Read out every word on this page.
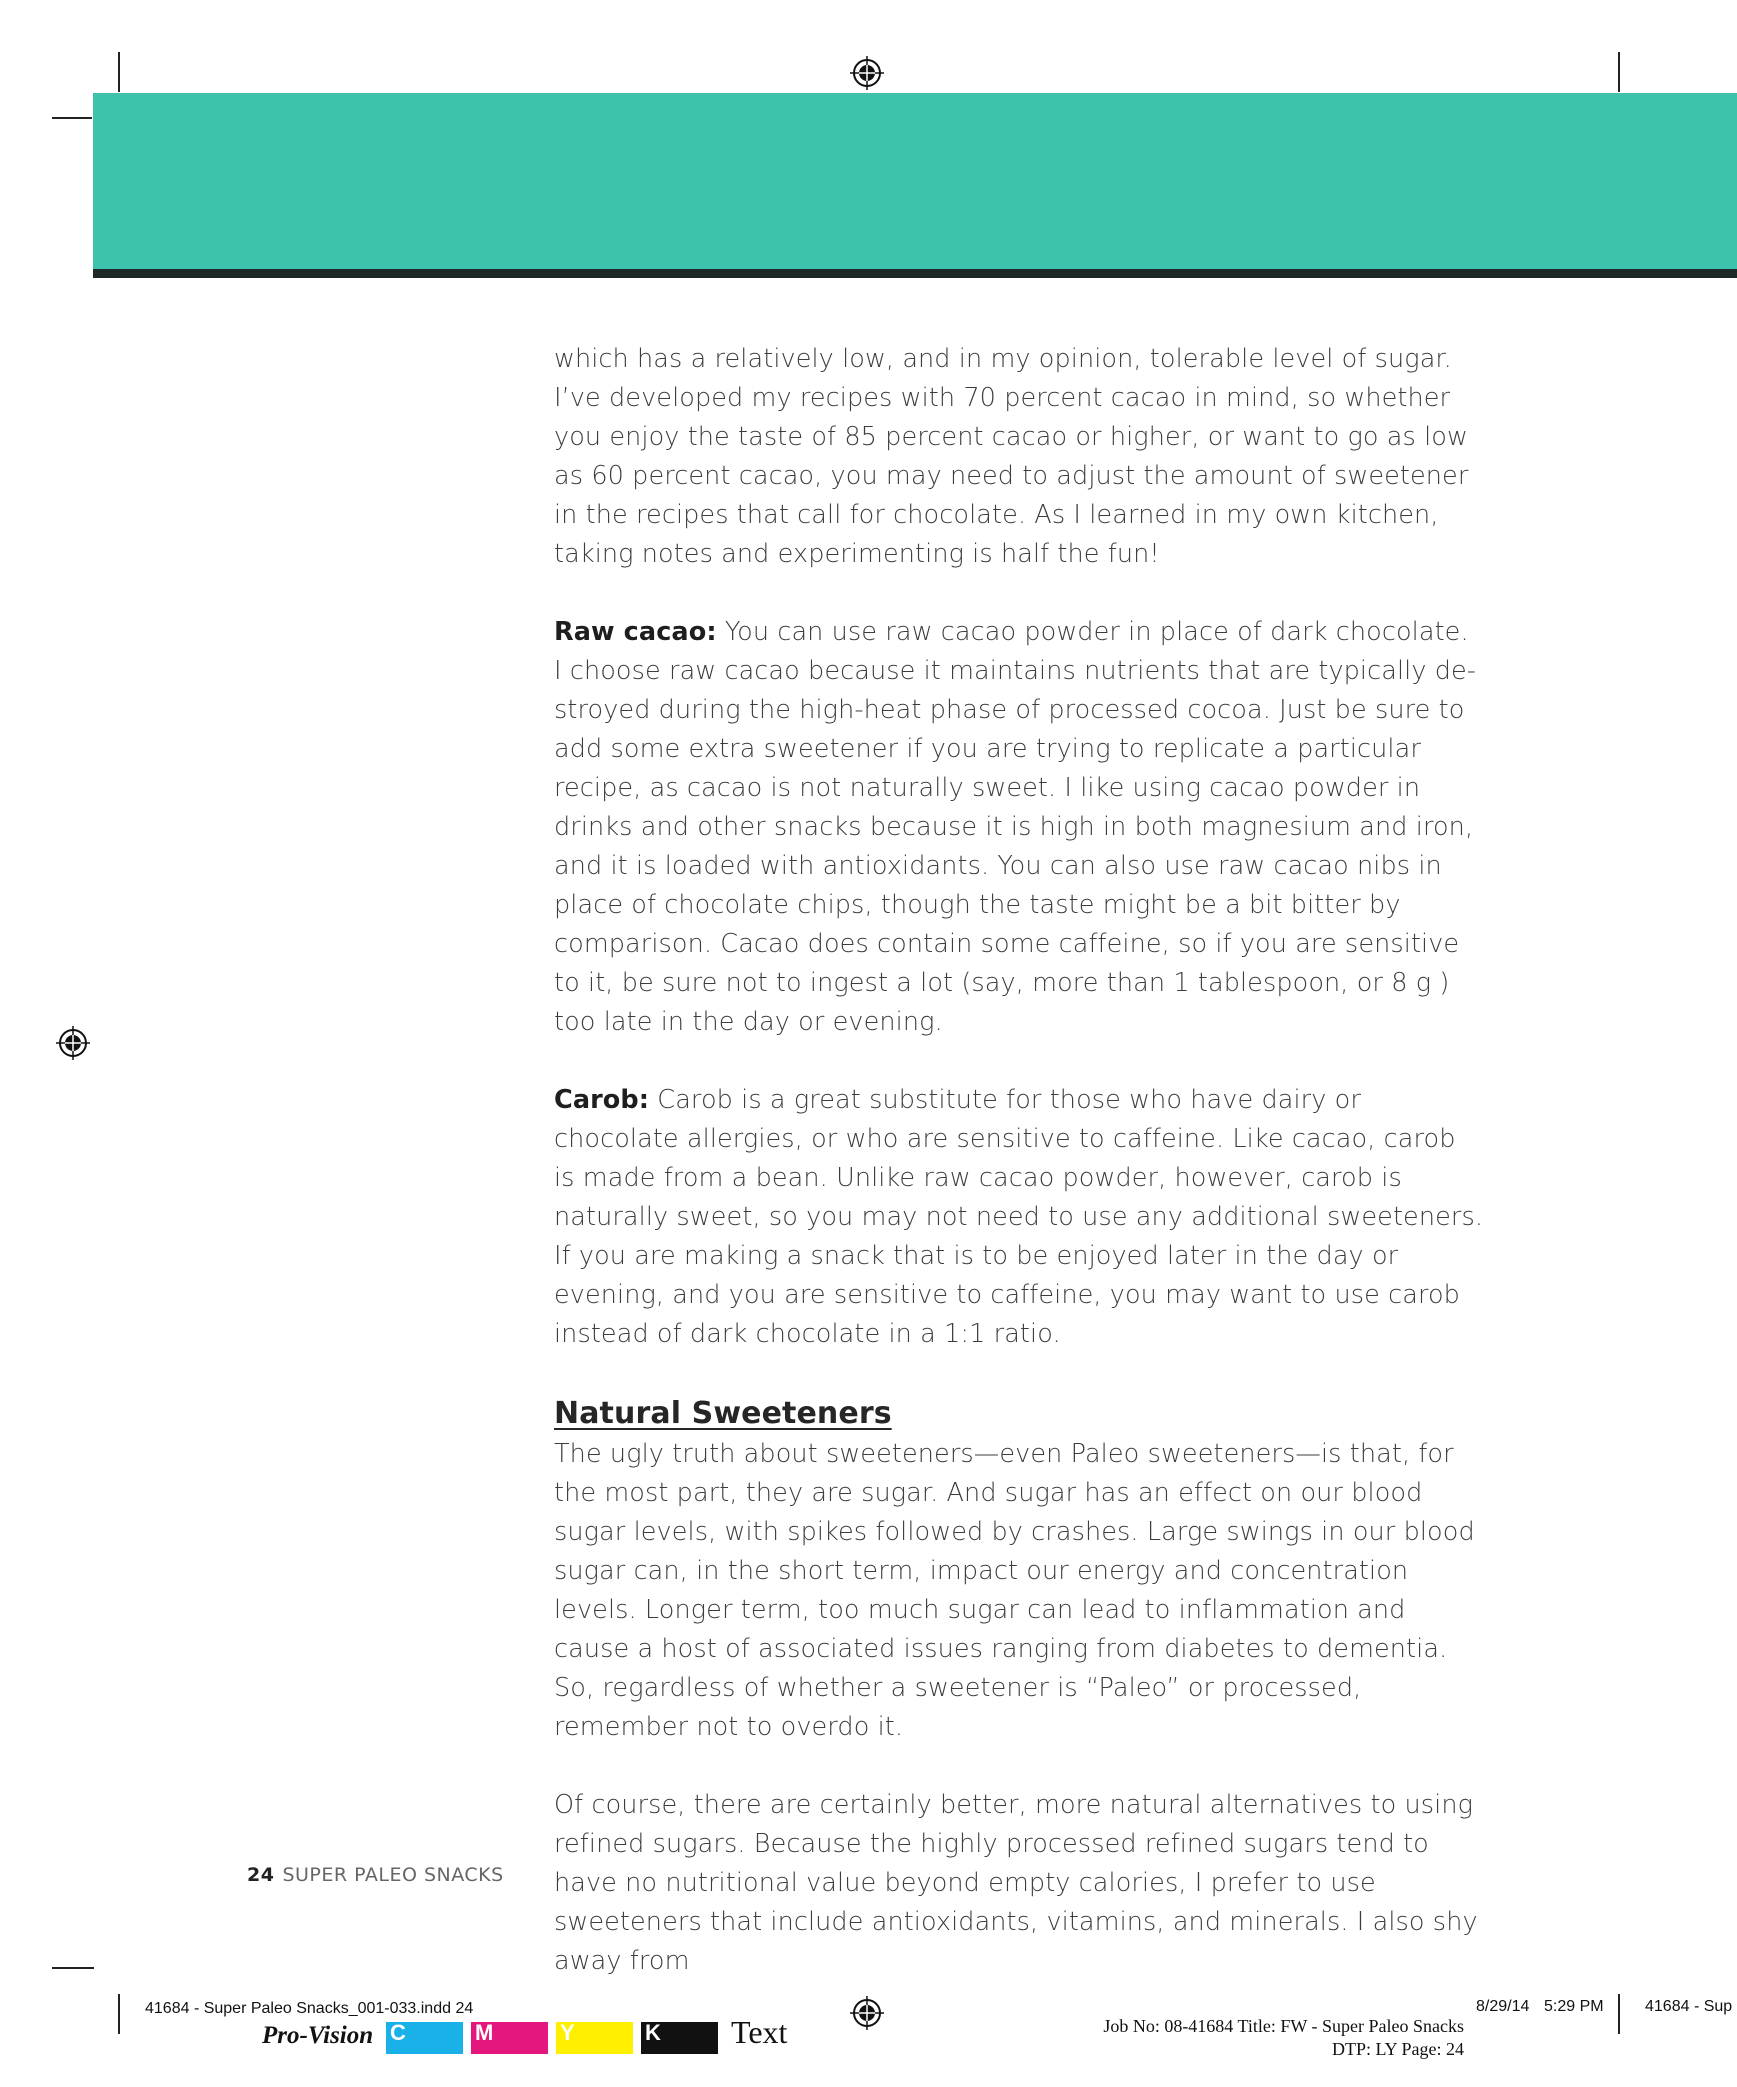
which has a relatively low, and in my opinion, tolerable level of sugar. I’ve developed my recipes with 70 percent cacao in mind, so whether you enjoy the taste of 85 percent cacao or higher, or want to go as low as 60 percent cacao, you may need to adjust the amount of sweetener in the recipes that call for chocolate. As I learned in my own kitchen, taking notes and experimenting is half the fun!

Raw cacao: You can use raw cacao powder in place of dark chocolate. I choose raw cacao because it maintains nutrients that are typically de-stroyed during the high-heat phase of processed cocoa. Just be sure to add some extra sweetener if you are trying to replicate a particular recipe, as cacao is not naturally sweet. I like using cacao powder in drinks and other snacks because it is high in both magnesium and iron, and it is loaded with antioxidants. You can also use raw cacao nibs in place of chocolate chips, though the taste might be a bit bitter by comparison. Cacao does contain some caffeine, so if you are sensitive to it, be sure not to ingest a lot (say, more than 1 tablespoon, or 8 g ) too late in the day or evening.

Carob: Carob is a great substitute for those who have dairy or chocolate allergies, or who are sensitive to caffeine. Like cacao, carob is made from a bean. Unlike raw cacao powder, however, carob is naturally sweet, so you may not need to use any additional sweeteners. If you are making a snack that is to be enjoyed later in the day or evening, and you are sensitive to caffeine, you may want to use carob instead of dark chocolate in a 1:1 ratio.

Natural Sweeteners

The ugly truth about sweeteners—even Paleo sweeteners—is that, for the most part, they are sugar. And sugar has an effect on our blood sugar levels, with spikes followed by crashes. Large swings in our blood sugar can, in the short term, impact our energy and concentration levels. Longer term, too much sugar can lead to inflammation and cause a host of associated issues ranging from diabetes to dementia. So, regardless of whether a sweetener is “Paleo” or processed, remember not to overdo it.

Of course, there are certainly better, more natural alternatives to using refined sugars. Because the highly processed refined sugars tend to have no nutritional value beyond empty calories, I prefer to use sweeteners that include antioxidants, vitamins, and minerals. I also shy away from

24 SUPER PALEO SNACKS
41684 - Super Paleo Snacks_001-033.indd 24
Pro-Vision C	M	Y	K Text	Job No: 08-41684 Title: FW - Super Paleo Snacks
DTP: LY Page: 24
8/29/14 5:29 PM	41684 - Sup
